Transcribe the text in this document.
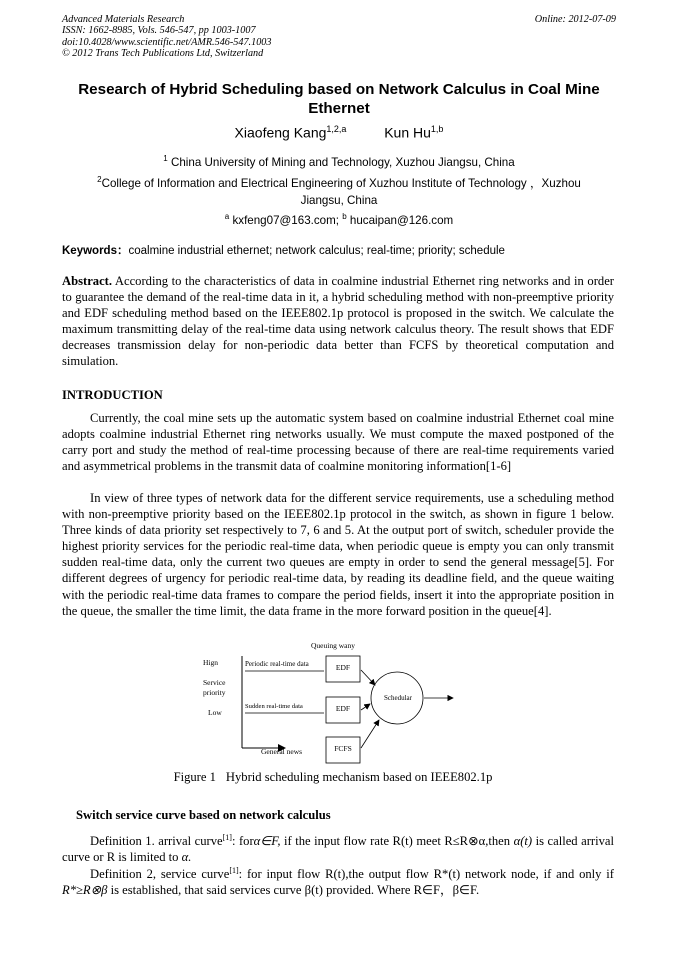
Advanced Materials Research
ISSN: 1662-8985, Vols. 546-547, pp 1003-1007
doi:10.4028/www.scientific.net/AMR.546-547.1003
© 2012 Trans Tech Publications Ltd, Switzerland
Online: 2012-07-09
Research of Hybrid Scheduling based on Network Calculus in Coal Mine Ethernet
Xiaofeng Kang$^{1,2,a}$	Kun Hu$^{1,b}$
$^1$ China University of Mining and Technology, Xuzhou Jiangsu, China
$^2$College of Information and Electrical Engineering of Xuzhou Institute of Technology ，Xuzhou Jiangsu, China
$^a$ kxfeng07@163.com; $^b$ hucaipan@126.com
Keywords：coalmine industrial ethernet; network calculus; real-time; priority; schedule
Abstract. According to the characteristics of data in coalmine industrial Ethernet ring networks and in order to guarantee the demand of the real-time data in it, a hybrid scheduling method with non-preemptive priority and EDF scheduling method based on the IEEE802.1p protocol is proposed in the switch. We calculate the maximum transmitting delay of the real-time data using network calculus theory. The result shows that EDF decreases transmission delay for non-periodic data better than FCFS by theoretical computation and simulation.
INTRODUCTION
Currently, the coal mine sets up the automatic system based on coalmine industrial Ethernet coal mine adopts coalmine industrial Ethernet ring networks usually. We must compute the maxed postponed of the carry port and study the method of real-time processing because of there are real-time requirements varied and asymmetrical problems in the transmit data of coalmine monitoring information[1-6]
In view of three types of network data for the different service requirements, use a scheduling method with non-preemptive priority based on the IEEE802.1p protocol in the switch, as shown in figure 1 below. Three kinds of data priority set respectively to 7, 6 and 5. At the output port of switch, scheduler provide the highest priority services for the periodic real-time data, when periodic queue is empty you can only transmit sudden real-time data, only the current two queues are empty in order to send the general message[5]. For different degrees of urgency for periodic real-time data, by reading its deadline field, and the queue waiting with the periodic real-time data frames to compare the period fields, insert it into the appropriate position in the queue, the smaller the time limit, the data frame in the more forward position in the queue[4].
Queuing wany
Hign
Service
priority
Low
Periodic real-time data	EDF
Sudden real-time data	EDF
General news	FCFS
Schedular
Figure 1 Hybrid scheduling mechanism based on IEEE802.1p
Switch service curve based on network calculus
Definition 1. arrival curve[1]: forα∈F, if the input flow rate R(t) meet R≤R⊗α,then α(t) is called arrival curve or R is limited to α.
Definition 2, service curve[1]: for input flow R(t),the output flow R*(t) network node, if and only if R*≥R⊗β is established, that said services curve β(t) provided. Where R∈F，β∈F.
